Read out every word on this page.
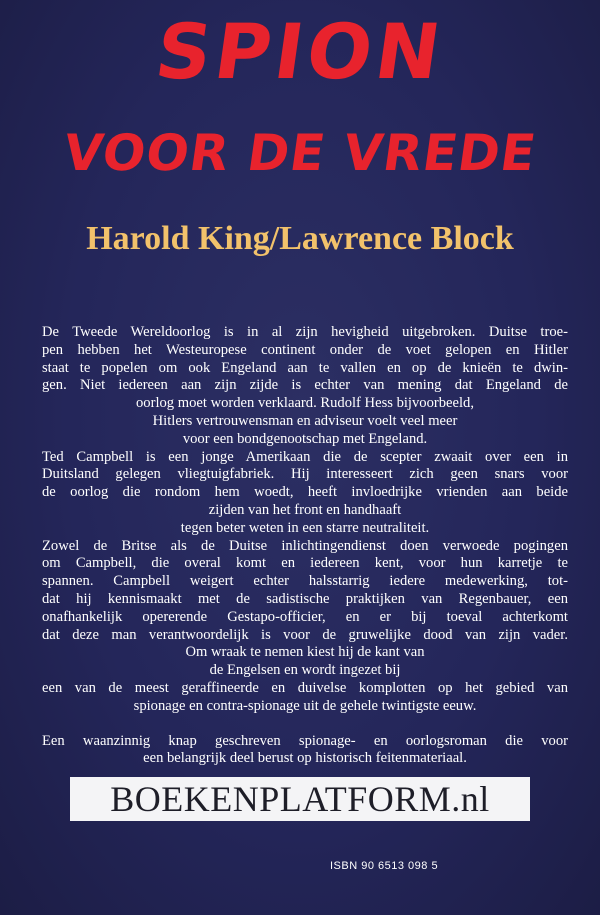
SPION
VOOR DE VREDE
Harold King/Lawrence Block

De Tweede Wereldoorlog is in al zijn hevigheid uitgebroken. Duitse troe-

pen hebben het Westeuropese continent onder de voet gelopen en Hitler

staat te popelen om ook Engeland aan te vallen en op de knieën te dwin-

gen. Niet iedereen aan zijn zijde is echter van mening dat Engeland de

oorlog moet worden verklaard. Rudolf Hess bijvoorbeeld,

Hitlers vertrouwensman en adviseur voelt veel meer

voor een bondgenootschap met Engeland.

Ted Campbell is een jonge Amerikaan die de scepter zwaait over een in

Duitsland gelegen vliegtuigfabriek. Hij interesseert zich geen snars voor

de oorlog die rondom hem woedt, heeft invloedrijke vrienden aan beide

zijden van het front en handhaaft

tegen beter weten in een starre neutraliteit.

Zowel de Britse als de Duitse inlichtingendienst doen verwoede pogingen

om Campbell, die overal komt en iedereen kent, voor hun karretje te

spannen. Campbell weigert echter halsstarrig iedere medewerking, tot-

dat hij kennismaakt met de sadistische praktijken van Regenbauer, een

onafhankelijk opererende Gestapo-officier, en er bij toeval achterkomt

dat deze man verantwoordelijk is voor de gruwelijke dood van zijn vader.

Om wraak te nemen kiest hij de kant van

de Engelsen en wordt ingezet bij

een van de meest geraffineerde en duivelse komplotten op het gebied van

spionage en contra-spionage uit de gehele twintigste eeuw.

Een waanzinnig knap geschreven spionage- en oorlogsroman die voor

een belangrijk deel berust op historisch feitenmateriaal.

BOEKENPLATFORM.nl
ISBN 90 6513 098 5
